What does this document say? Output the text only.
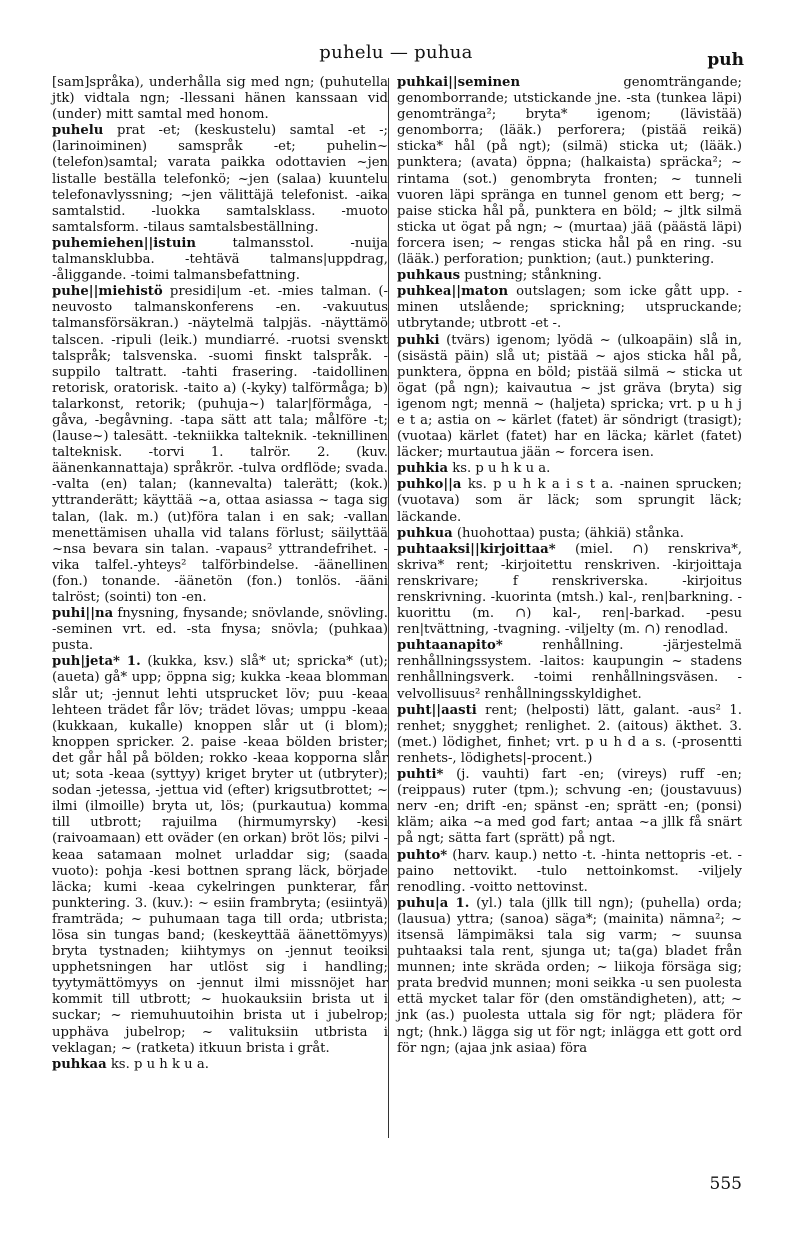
puhelu — puhua	puh

[sam]språka), underhålla sig med ngn; (puhutella jtk) vidtala ngn; -llessani hänen kanssaan vid (under) mitt samtal med honom.

puhelu prat -et; (keskustelu) samtal -et -; (larinoiminen) samspråk -et; puhelin~ (telefon)samtal; varata paikka odottavien ~jen listalle beställa telefonkö; ~jen (salaa) kuuntelu telefonavlyssning; ~jen välittäjä telefonist. -aika samtalstid. -luokka samtalsklass. -muoto samtalsform. -tilaus samtalsbeställning.

puhemiehen||istuin talmansstol. -nuija talmansklubba. -tehtävä talmans|uppdrag, -åliggande. -toimi talmansbefattning.

puhe||miehistö presidi|um -et. -mies talman. (-neuvosto talmanskonferens -en. -vakuutus talmansförsäkran.) -näytelmä talpjäs. -näyttämö talscen. -ripuli (leik.) mundiarré. -ruotsi svenskt talspråk; talsvenska. -suomi finskt talspråk. -suppilo taltratt. -tahti frasering. -taidollinen retorisk, oratorisk. -taito a) (-kyky) talförmåga; b) talarkonst, retorik; (puhuja~) talar|förmåga, -gåva, -begåvning. -tapa sätt att tala; målföre -t; (lause~) talesätt. -tekniikka talteknik. -teknillinen talteknisk. -torvi 1. talrör. 2. (kuv. äänenkannattaja) språkrör. -tulva ordflöde; svada. -valta (en) talan; (kannevalta) talerätt; (kok.) yttranderätt; käyttää ~a, ottaa asiassa ~ taga sig talan, (lak. m.) (ut)föra talan i en sak; -vallan menettämisen uhalla vid talans förlust; säilyttää ~nsa bevara sin talan. -vapaus² yttrandefrihet. -vika talfel.-yhteys² talförbindelse. -äänellinen (fon.) tonande. -äänetön (fon.) tonlös. -ääni talröst; (sointi) ton -en.

puhi||na fnysning, fnysande; snövlande, snövling. -seminen vrt. ed. -sta fnysa; snövla; (puhkaa) pusta.

puh|jeta* 1. (kukka, ksv.) slå* ut; spricka* (ut); (aueta) gå* upp; öppna sig; kukka -keaa blomman slår ut; -jennut lehti utsprucket löv; puu -keaa lehteen trädet får löv; trädet lövas; umppu -keaa (kukkaan, kukalle) knoppen slår ut (i blom); knoppen spricker. 2. paise -keaa bölden brister; det går hål på bölden; rokko -keaa kopporna slår ut; sota -keaa (syttyy) kriget bryter ut (utbryter); sodan -jetessa, -jettua vid (efter) krigsutbrottet; ~ ilmi (ilmoille) bryta ut, lös; (purkautua) komma till utbrott; rajuilma (hirmumyrsky) -kesi (raivoamaan) ett oväder (en orkan) bröt lös; pilvi -keaa satamaan molnet urladdar sig; (saada vuoto): pohja -kesi bottnen sprang läck, började läcka; kumi -keaa cykelringen punkterar, får punktering. 3. (kuv.): ~ esiin frambryta; (esiintyä) framträda; ~ puhumaan taga till orda; utbrista; lösa sin tungas band; (keskeyttää äänettömyys) bryta tystnaden; kiihtymys on -jennut teoiksi upphetsningen har utlöst sig i handling; tyytymättömyys on -jennut ilmi missnöjet har kommit till utbrott; ~ huokauksiin brista ut i suckar; ~ riemuhuutoihin brista ut i jubelrop; upphäva jubelrop; ~ valituksiin utbrista i veklagan; ~ (ratketa) itkuun brista i gråt.

puhkaa ks. p u h k u a.

puhkai||seminen genomträngande; genomborrande; utstickande jne. -sta (tunkea läpi) genomtränga²; bryta* igenom; (lävistää) genomborra; (lääk.) perforera; (pistää reikä) sticka* hål (på ngt); (silmä) sticka ut; (lääk.) punktera; (avata) öppna; (halkaista) spräcka²; ~ rintama (sot.) genombryta fronten; ~ tunneli vuoren läpi spränga en tunnel genom ett berg; ~ paise sticka hål på, punktera en böld; ~ jltk silmä sticka ut ögat på ngn; ~ (murtaa) jää (päästä läpi) forcera isen; ~ rengas sticka hål på en ring. -su (lääk.) perforation; punktion; (aut.) punktering.

puhkaus pustning; stånkning.

puhkea||maton outslagen; som icke gått upp. -minen utslående; sprickning; utspruckande; utbrytande; utbrott -et -.

puhki (tvärs) igenom; lyödä ~ (ulkoapäin) slå in, (sisästä päin) slå ut; pistää ~ ajos sticka hål på, punktera, öppna en böld; pistää silmä ~ sticka ut ögat (på ngn); kaivautua ~ jst gräva (bryta) sig igenom ngt; mennä ~ (haljeta) spricka; vrt. p u h j e t a; astia on ~ kärlet (fatet) är söndrigt (trasigt); (vuotaa) kärlet (fatet) har en läcka; kärlet (fatet) läcker; murtautua jään ~ forcera isen.

puhkia ks. p u h k u a.

puhko||a ks. p u h k a i s t a. -nainen sprucken; (vuotava) som är läck; som sprungit läck; läckande.

puhkua (huohottaa) pusta; (ähkiä) stånka.

puhtaaksi||kirjoittaa* (miel. ∩) renskriva*, skriva* rent; -kirjoitettu renskriven. -kirjoittaja renskrivare; f renskriverska. -kirjoitus renskrivning. -kuorinta (mtsh.) kal-, ren|barkning. -kuorittu (m. ∩) kal-, ren|-barkad. -pesu ren|tvättning, -tvagning. -viljelty (m. ∩) renodlad.

puhtaanapito* renhållning. -järjestelmä renhållningssystem. -laitos: kaupungin ~ stadens renhållningsverk. -toimi renhållningsväsen. -velvollisuus² renhållningsskyldighet.

puht||aasti rent; (helposti) lätt, galant. -aus² 1. renhet; snygghet; renlighet. 2. (aitous) äkthet. 3. (met.) lödighet, finhet; vrt. p u h d a s. (-prosentti renhets-, lödighets|-procent.)

puhti* (j. vauhti) fart -en; (vireys) ruff -en; (reippaus) ruter (tpm.); schvung -en; (joustavuus) nerv -en; drift -en; spänst -en; sprätt -en; (ponsi) kläm; aika ~a med god fart; antaa ~a jllk få snärt på ngt; sätta fart (sprätt) på ngt.

puhto* (harv. kaup.) netto -t. -hinta nettopris -et. -paino nettovikt. -tulo nettoinkomst. -viljely renodling. -voitto nettovinst.

puhu|a 1. (yl.) tala (jllk till ngn); (puhella) orda; (lausua) yttra; (sanoa) säga*; (mainita) nämna²; ~ itsensä lämpimäksi tala sig varm; ~ suunsa puhtaaksi tala rent, sjunga ut; ta(ga) bladet från munnen; inte skräda orden; ~ liikoja försäga sig; prata bredvid munnen; moni seikka -u sen puolesta että mycket talar för (den omständigheten), att; ~ jnk (as.) puolesta uttala sig för ngt; plädera för ngt; (hnk.) lägga sig ut för ngt; inlägga ett gott ord för ngn; (ajaa jnk asiaa) föra

555
